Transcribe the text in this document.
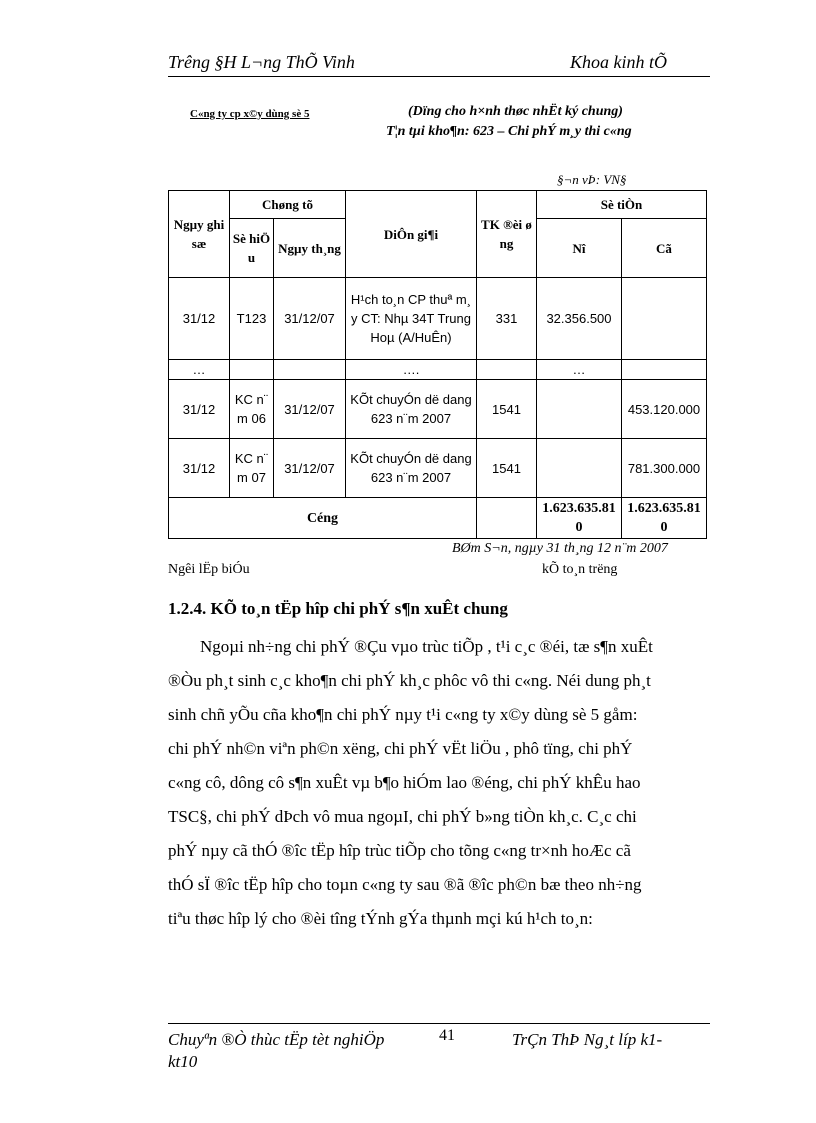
Trêng §H L¬ng ThÕ Vinh	Khoa kinh tÕ
C«ng ty cp x©y dùng sè 5	(Dïng cho h×nh thøc nhËt ký chung)
T¦n tµi kho¶n: 623 – Chi phÝ m¸y thi c«ng
§¬n vÞ: VN§
Ngµy ghi sæ	Chøng tõ		DiÔn gi¶i	TK ®èi øng	Sè tiÒn	
	Sè hiÖu	Ngµy th¸ng			Nî	Cã
31/12	T123	31/12/07	H¹ch to¸n CP thuª m¸y CT: Nhµ 34T Trung Hoµ (A/HuÊn)	331	32.356.500	
…			….		…	
31/12	KC n¨m 06	31/12/07	KÕt chuyÓn dë dang 623 n¨m 2007	1541		453.120.000
31/12	KC n¨m 07	31/12/07	KÕt chuyÓn dë dang 623 n¨m 2007	1541		781.300.000
Céng					1.623.635.810	1.623.635.810
BØm S¬n, ngµy 31 th¸ng 12 n¨m 2007
Ngêi lËp biÓu	kÕ to¸n trëng
1.2.4. KÕ to¸n tËp hîp chi phÝ s¶n xuÊt chung
Ngoµi nh÷ng chi phÝ ®Çu vµo trùc tiÕp , t¹i c¸c ®éi, tæ s¶n xuÊt
®Òu ph¸t sinh c¸c kho¶n chi phÝ kh¸c phôc vô thi c«ng. Néi dung ph¸t
sinh chñ yÕu cña kho¶n chi phÝ nµy t¹i c«ng ty x©y dùng sè 5 gåm:
chi phÝ nh©n viªn ph©n xëng, chi phÝ vËt liÖu , phô tïng, chi phÝ
c«ng cô, dông cô s¶n xuÊt vµ b¶o hiÓm lao ®éng, chi phÝ khÊu hao
TSC§, chi phÝ dÞch vô mua ngoµI, chi phÝ b»ng tiÒn kh¸c. C¸c chi
phÝ nµy cã thÓ ®îc tËp hîp trùc tiÕp cho tõng c«ng tr×nh hoÆc cã
thÓ sÏ ®îc tËp hîp cho toµn c«ng ty sau ®ã ®îc ph©n bæ theo nh÷ng
tiªu thøc hîp lý cho ®èi tîng tÝnh gÝa thµnh mçi kú h¹ch to¸n:
Chuyªn ®Ò thùc tËp tèt nghiÖp
kt10
41	TrÇn ThÞ Ng¸t líp k1-
